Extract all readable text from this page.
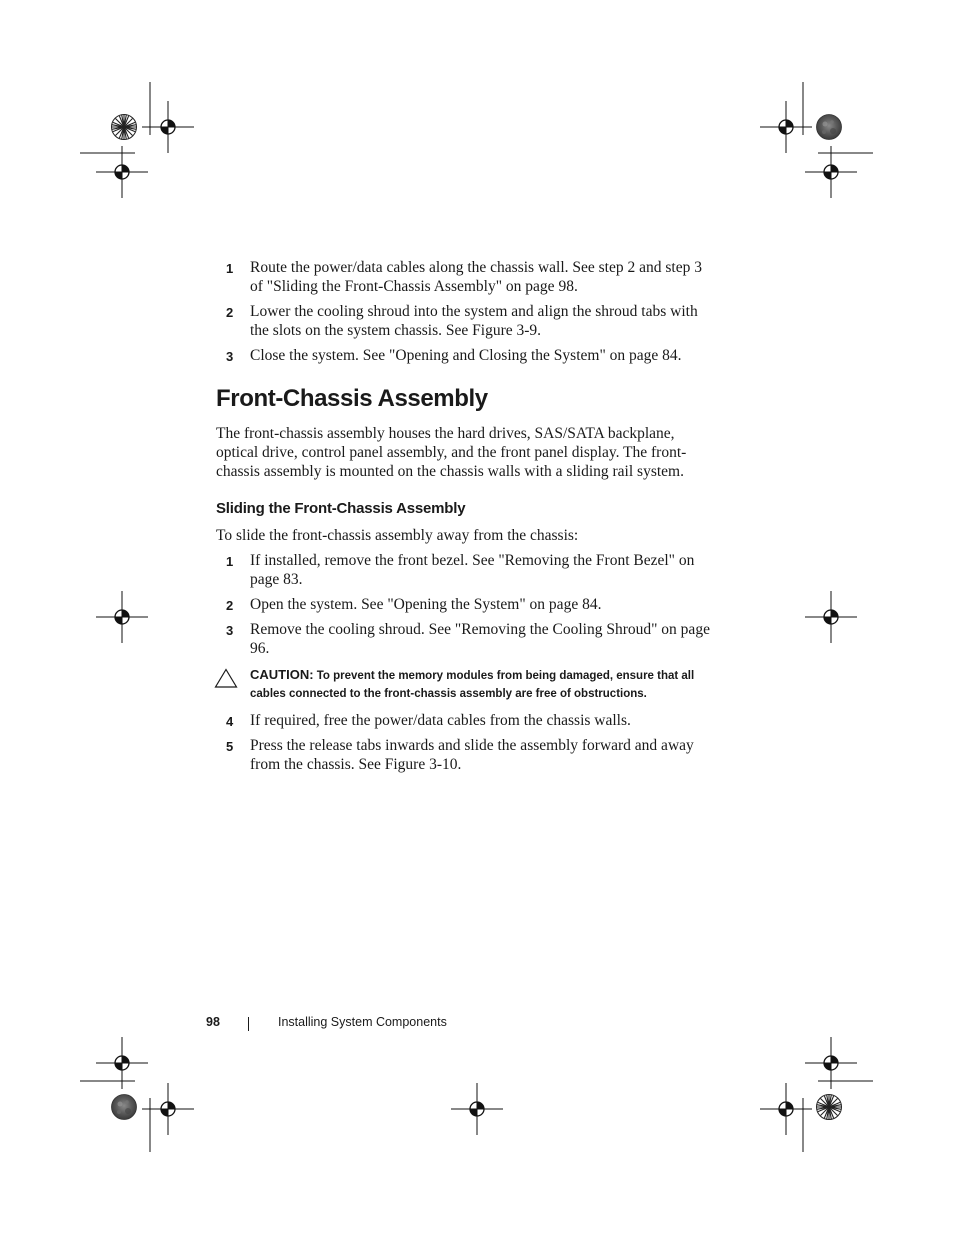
1 Route the power/data cables along the chassis wall. See step 2 and step 3 of "Sliding the Front-Chassis Assembly" on page 98.
2 Lower the cooling shroud into the system and align the shroud tabs with the slots on the system chassis. See Figure 3-9.
3 Close the system. See "Opening and Closing the System" on page 84.
Front-Chassis Assembly

The front-chassis assembly houses the hard drives, SAS/SATA backplane, optical drive, control panel assembly, and the front panel display. The front-chassis assembly is mounted on the chassis walls with a sliding rail system.

Sliding the Front-Chassis Assembly

To slide the front-chassis assembly away from the chassis:

1 If installed, remove the front bezel. See "Removing the Front Bezel" on page 83.
2 Open the system. See "Opening the System" on page 84.
3 Remove the cooling shroud. See "Removing the Cooling Shroud" on page 96.
CAUTION: To prevent the memory modules from being damaged, ensure that all cables connected to the front-chassis assembly are free of obstructions.
4 If required, free the power/data cables from the chassis walls.
5 Press the release tabs inwards and slide the assembly forward and away from the chassis. See Figure 3-10.
98	Installing System Components
